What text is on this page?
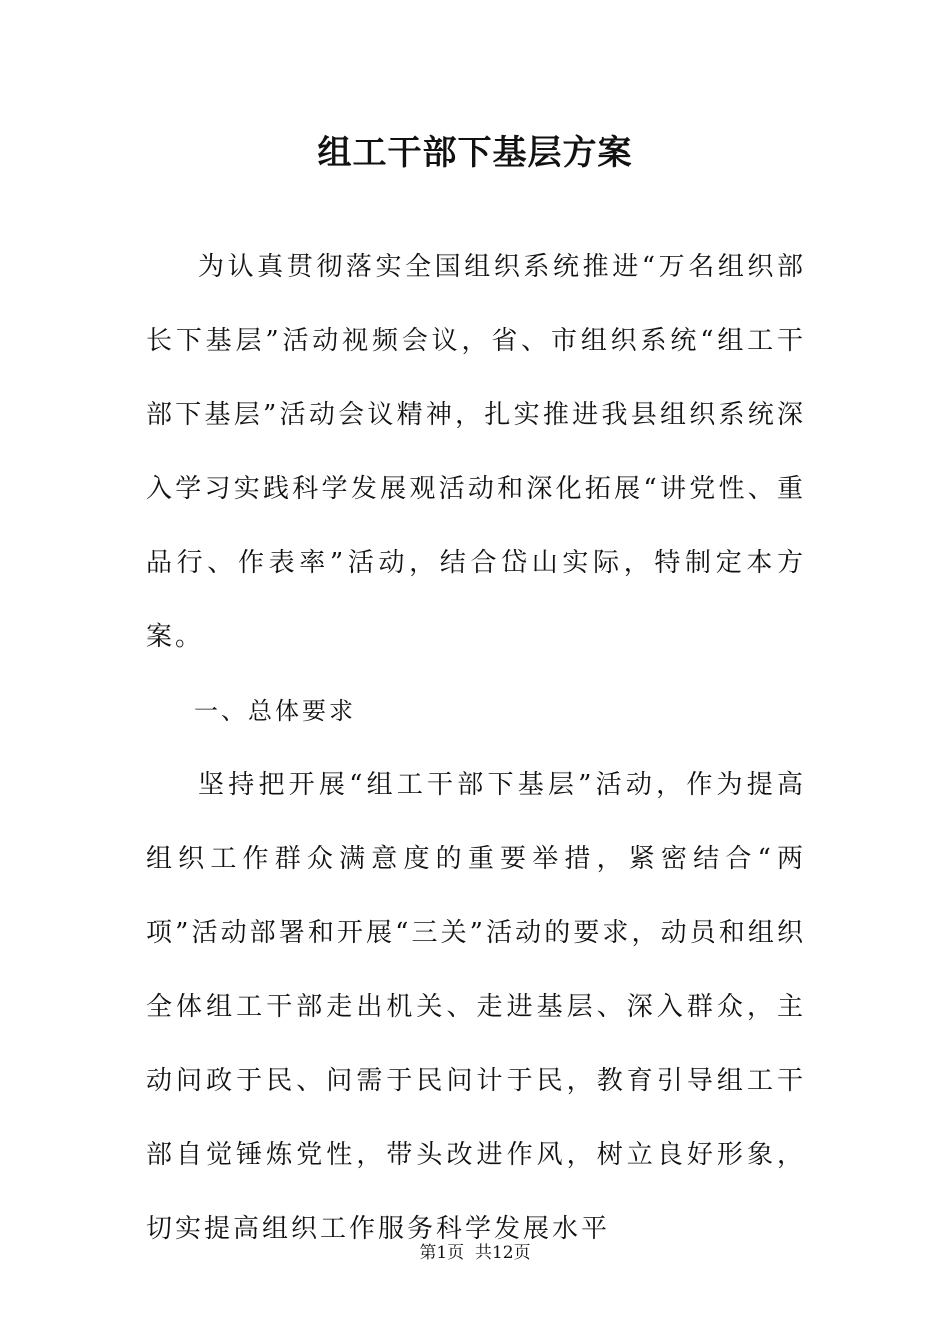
组工干部下基层方案

为认真贯彻落实全国组织系统推进“万名组织部长下基层”活动视频会议，省、市组织系统“组工干部下基层”活动会议精神，扎实推进我县组织系统深入学习实践科学发展观活动和深化拓展“讲党性、重品行、作表率”活动，结合岱山实际，特制定本方案。

一、总体要求

坚持把开展“组工干部下基层”活动，作为提高组织工作群众满意度的重要举措，紧密结合“两项”活动部署和开展“三关”活动的要求，动员和组织全体组工干部走出机关、走进基层、深入群众，主动问政于民、问需于民问计于民，教育引导组工干部自觉锤炼党性，带头改进作风，树立良好形象，切实提高组织工作服务科学发展水平

第1页  共12页
